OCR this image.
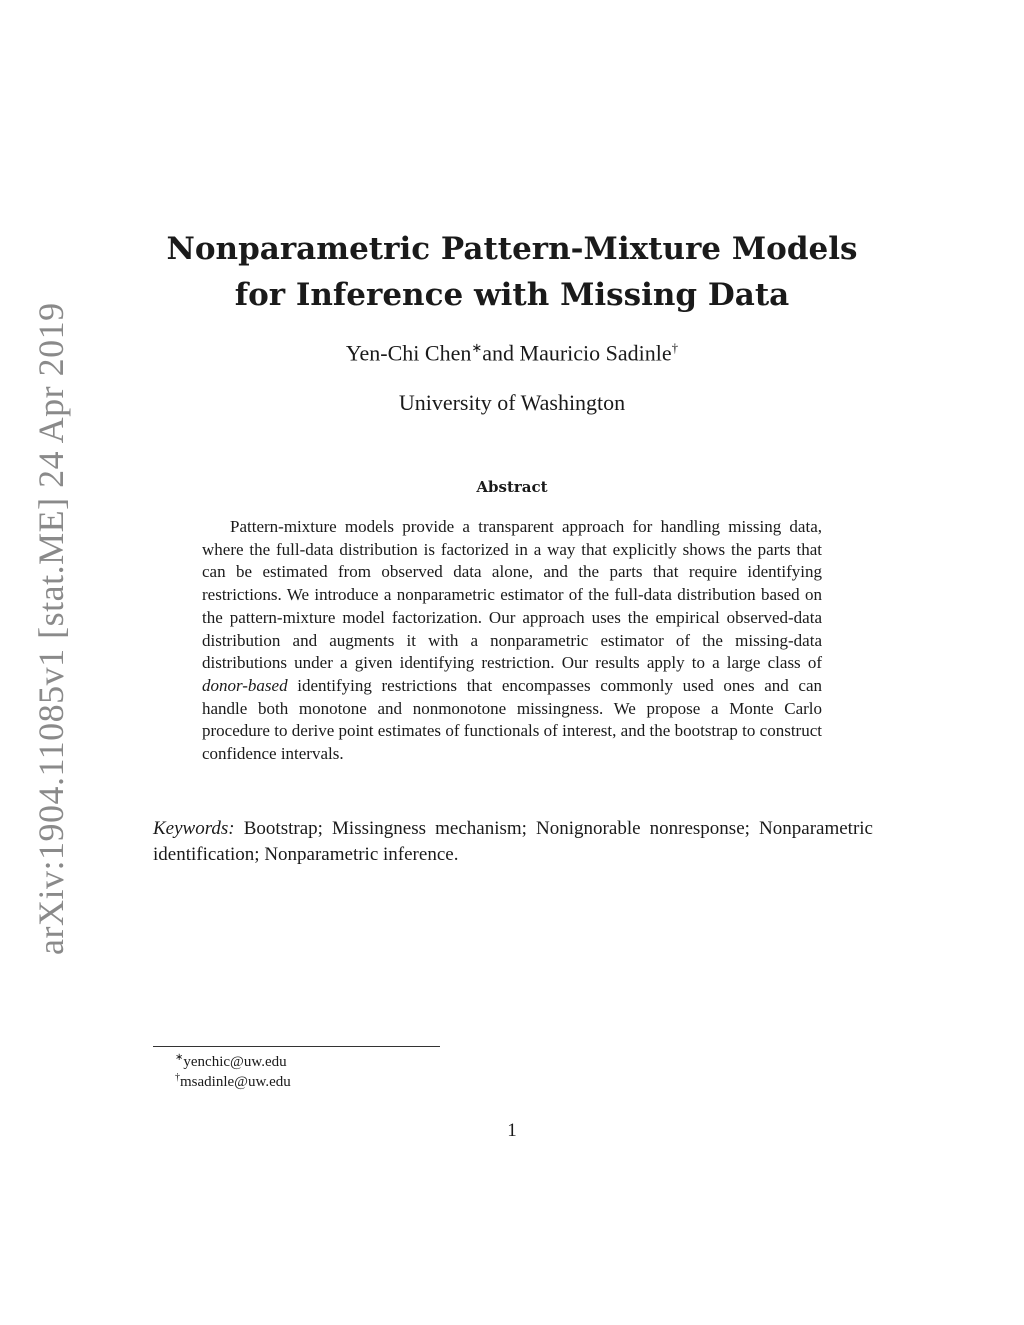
arXiv:1904.11085v1 [stat.ME] 24 Apr 2019
Nonparametric Pattern-Mixture Models
for Inference with Missing Data
Yen-Chi Chen∗and Mauricio Sadinle†
University of Washington
Abstract

Pattern-mixture models provide a transparent approach for handling missing data, where the full-data distribution is factorized in a way that explicitly shows the parts that can be estimated from observed data alone, and the parts that require identifying restrictions. We introduce a nonparametric estimator of the full-data distribution based on the pattern-mixture model factorization. Our approach uses the empirical observed-data distribution and augments it with a nonparametric estimator of the missing-data distributions under a given identifying restriction. Our results apply to a large class of donor-based identifying restrictions that encompasses commonly used ones and can handle both monotone and nonmonotone missingness. We propose a Monte Carlo procedure to derive point estimates of functionals of interest, and the bootstrap to construct confidence intervals.

Keywords: Bootstrap; Missingness mechanism; Nonignorable nonresponse; Nonparametric identification; Nonparametric inference.

∗yenchic@uw.edu
†msadinle@uw.edu
1
